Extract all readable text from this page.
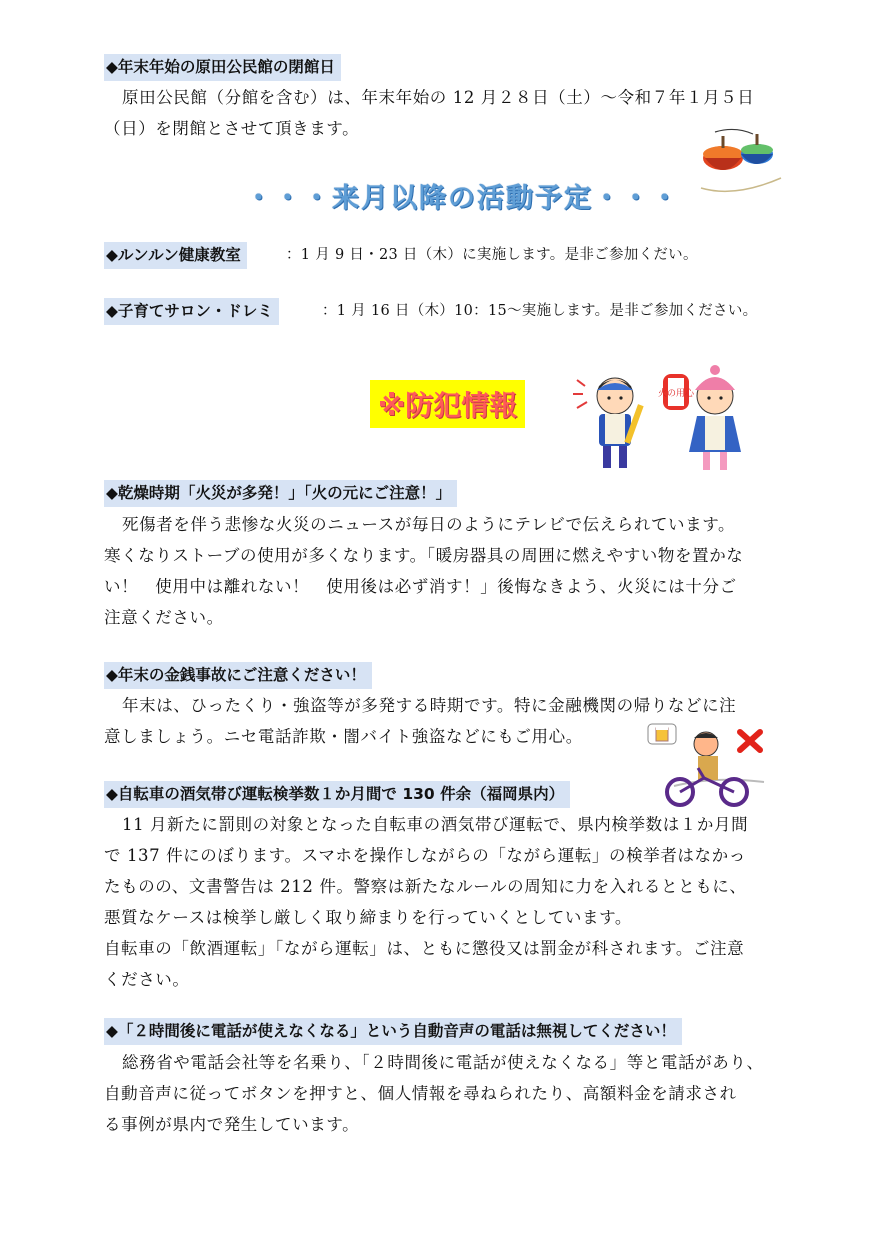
◆年末年始の原田公民館の閉館日
原田公民館（分館を含む）は、年末年始の 12 月２８日（土）～令和７年１月５日
（日）を閉館とさせて頂きます。
・・・来月以降の活動予定・・・
◆ルンルン健康教室	：1 月 9 日・23 日（木）に実施します。是非ご参加くだい。
◆子育てサロン・ドレミ	：1 月 16 日（木）10：15～実施します。是非ご参加ください。
※防犯情報	火の用心
◆乾燥時期「火災が多発！」「火の元にご注意！」
死傷者を伴う悲惨な火災のニュースが毎日のようにテレビで伝えられています。
寒くなりストーブの使用が多くなります。「暖房器具の周囲に燃えやすい物を置かな
い！　使用中は離れない！　使用後は必ず消す！」後悔なきよう、火災には十分ご
注意ください。
◆年末の金銭事故にご注意ください！
年末は、ひったくり・強盗等が多発する時期です。特に金融機関の帰りなどに注
意しましょう。ニセ電話詐欺・闇バイト強盗などにもご用心。
◆自転車の酒気帯び運転検挙数１か月間で 130 件余（福岡県内）
11 月新たに罰則の対象となった自転車の酒気帯び運転で、県内検挙数は１か月間
で 137 件にのぼります。スマホを操作しながらの「ながら運転」の検挙者はなかっ
たものの、文書警告は 212 件。警察は新たなルールの周知に力を入れるとともに、
悪質なケースは検挙し厳しく取り締まりを行っていくとしています。
自転車の「飲酒運転」「ながら運転」は、ともに懲役又は罰金が科されます。ご注意
ください。
◆「２時間後に電話が使えなくなる」という自動音声の電話は無視してください！
総務省や電話会社等を名乗り、「２時間後に電話が使えなくなる」等と電話があり、
自動音声に従ってボタンを押すと、個人情報を尋ねられたり、高額料金を請求され
る事例が県内で発生しています。
